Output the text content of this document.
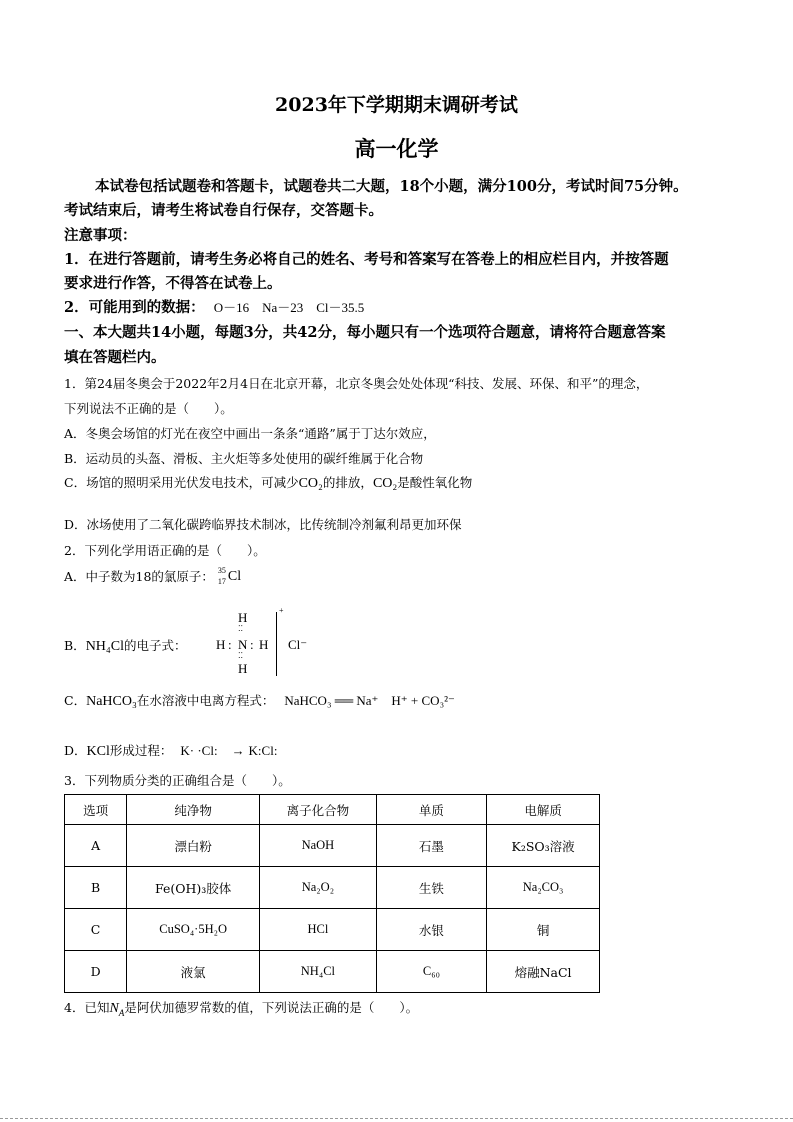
2023年下学期期末调研考试
高一化学
本试卷包括试题卷和答题卡，试题卷共二大题，18个小题，满分100分，考试时间75分钟。
考试结束后，请考生将试卷自行保存，交答题卡。
注意事项：
1．在进行答题前，请考生务必将自己的姓名、考号和答案写在答卷上的相应栏目内，并按答题
要求进行作答，不得答在试卷上。
2．可能用到的数据： O－16　Na－23　Cl－35.5
一、本大题共14小题，每题3分，共42分，每小题只有一个选项符合题意，请将符合题意答案
填在答题栏内。
1．第24届冬奥会于2022年2月4日在北京开幕，北京冬奥会处处体现“科技、发展、环保、和平”的理念，
下列说法不正确的是（　　）。
A．冬奥会场馆的灯光在夜空中画出一条条“通路”属于丁达尔效应，
B．运动员的头盔、滑板、主火炬等多处使用的碳纤维属于化合物
C．场馆的照明采用光伏发电技术，可减少CO₂的排放，CO₂是酸性氧化物
D．冰场使用了二氧化碳跨临界技术制冰，比传统制冷剂氟利昂更加环保
2．下列化学用语正确的是（　　）。
A．中子数为18的氯原子： 35
17 Cl
B．NH₄Cl的电子式：
H
⁚⁚
H : N : H
⁚⁚
H
+
Cl⁻
C．NaHCO₃在水溶液中电离方程式： NaHCO₃ ══ Na⁺　H⁺ + CO₃²⁻
D．KCl形成过程： K· ·Cl: → K:Cl:
3．下列物质分类的正确组合是（　　）。
选项	纯净物	离子化合物	单质	电解质
A	漂白粉	NaOH	石墨	K₂SO₃溶液
B	Fe(OH)₃胶体	Na₂O₂	生铁	Na₂CO₃
C	CuSO₄·5H₂O	HCl	水银	铜
D	液氯	NH₄Cl	C₆₀	熔融NaCl
4．已知$N_A$是阿伏加德罗常数的值，下列说法正确的是（　　）。
